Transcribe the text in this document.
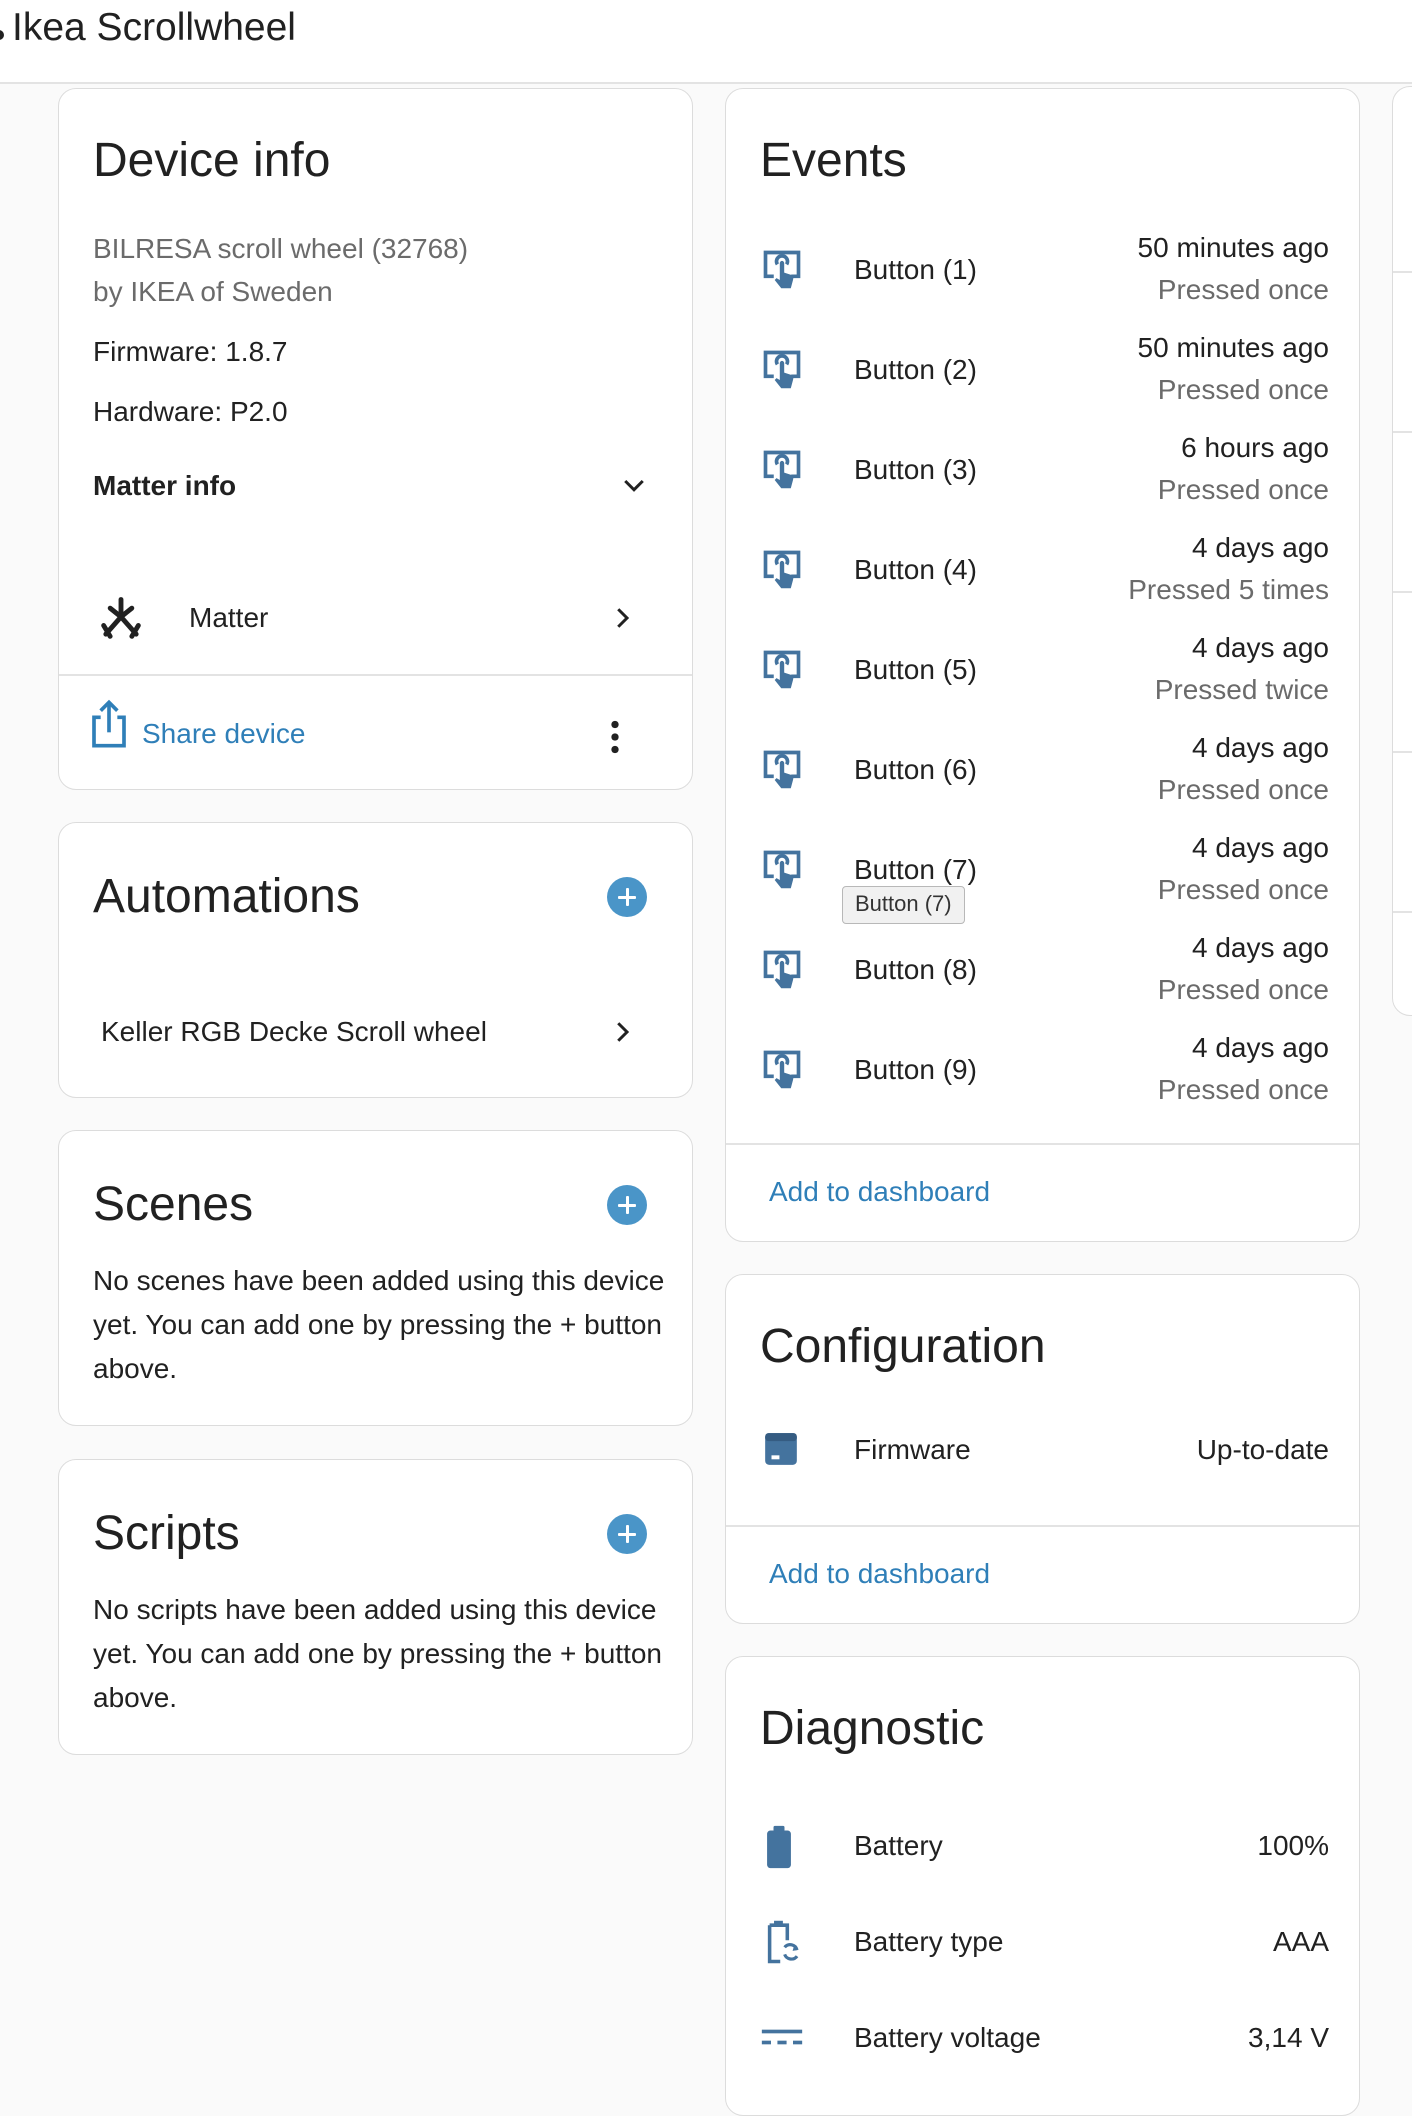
Ikea Scrollwheel
Device info
BILRESA scroll wheel (32768)
by IKEA of Sweden
Firmware: 1.8.7
Hardware: P2.0
Matter info
Matter
Share device
Automations
Keller RGB Decke Scroll wheel
Scenes
No scenes have been added using this device yet. You can add one by pressing the + button above.
Scripts
No scripts have been added using this device yet. You can add one by pressing the + button above.
Events
Button (1)
50 minutes ago
Pressed once
Button (2)
50 minutes ago
Pressed once
Button (3)
6 hours ago
Pressed once
Button (4)
4 days ago
Pressed 5 times
Button (5)
4 days ago
Pressed twice
Button (6)
4 days ago
Pressed once
Button (7)
4 days ago
Pressed once
Button (8)
4 days ago
Pressed once
Button (9)
4 days ago
Pressed once
Add to dashboard
Button (7)
Configuration
Firmware	Up-to-date
Add to dashboard
Diagnostic
Battery	100%
Battery type	AAA
Battery voltage	3,14 V
